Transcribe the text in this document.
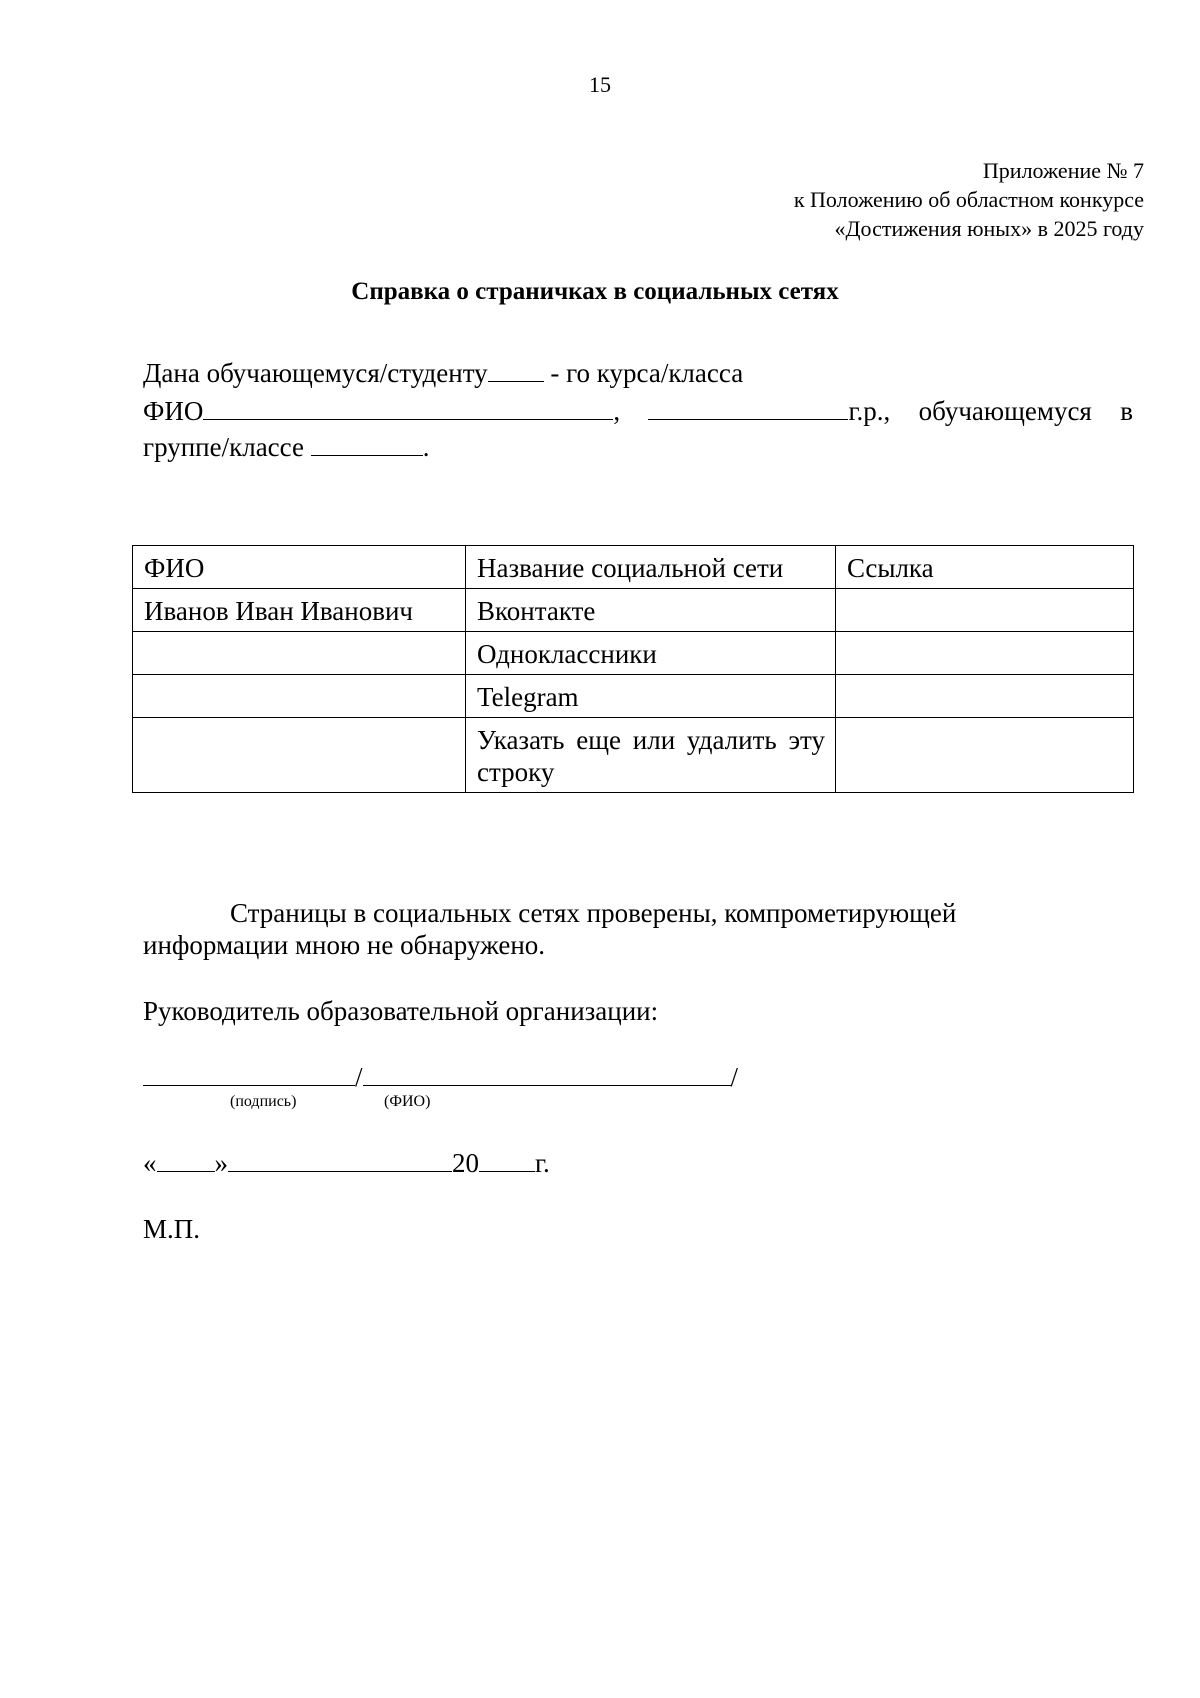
15
Приложение № 7
к Положению об областном конкурсе
«Достижения юных» в 2025 году
Справка о страничках в социальных сетях
Дана обучающемуся/студенту - го курса/класса
ФИО	,	г.р., обучающемуся в
группе/классе	.
ФИО	Название социальной сети	Ссылка
Иванов Иван Иванович	Вконтакте	
	Одноклассники	
	Telegram	
	Указать еще или удалить эту строку	
Страницы в социальных сетях проверены, компрометирующей
информации мною не обнаружено.
Руководитель образовательной организации:
/	/
(подпись)	(ФИО)
« »	20 г.
М.П.
